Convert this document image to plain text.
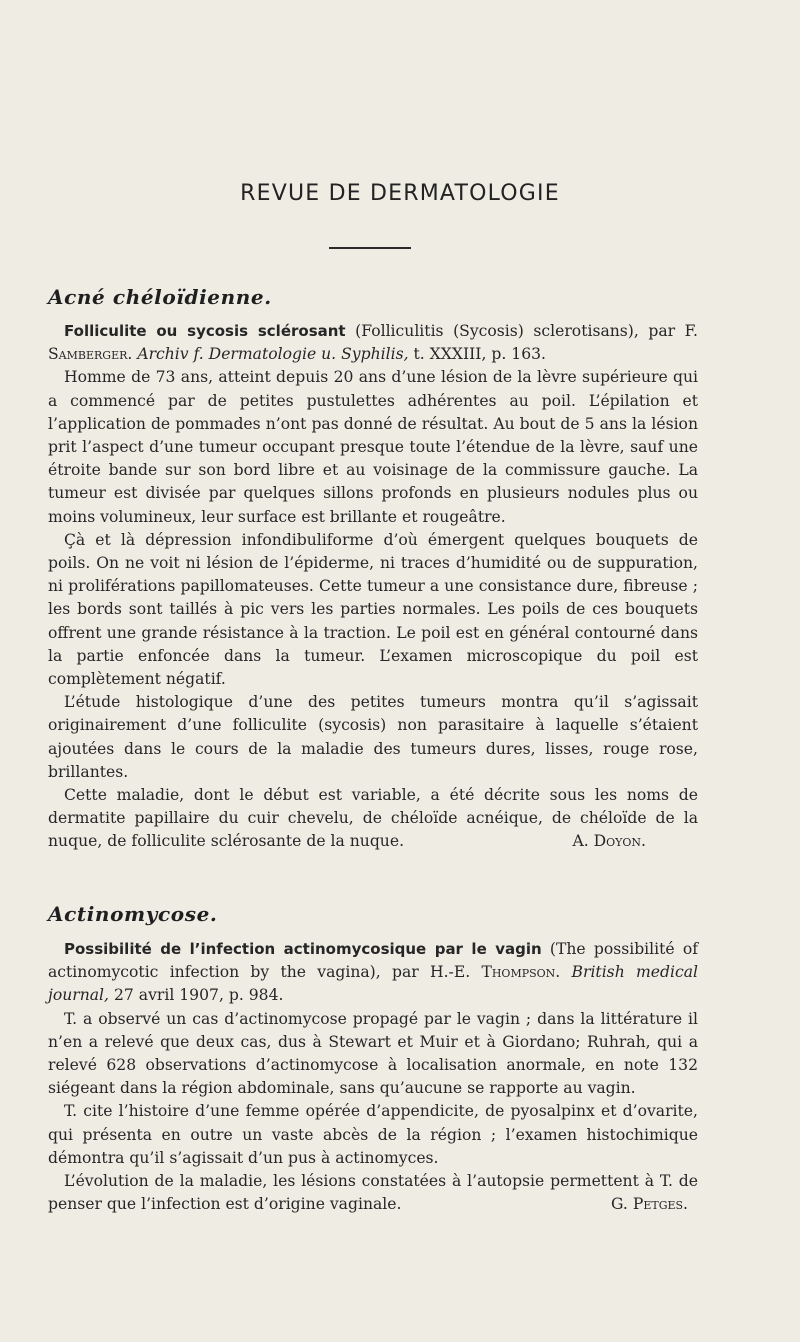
REVUE DE DERMATOLOGIE
Acné chéloïdienne.

Folliculite ou sycosis sclérosant (Folliculitis (Sycosis) sclerotisans), par F. Samberger. Archiv f. Dermatologie u. Syphilis, t. XXXIII, p. 163.

Homme de 73 ans, atteint depuis 20 ans d’une lésion de la lèvre supérieure qui a commencé par de petites pustulettes adhérentes au poil. L’épilation et l’application de pommades n’ont pas donné de résultat. Au bout de 5 ans la lésion prit l’aspect d’une tumeur occupant presque toute l’étendue de la lèvre, sauf une étroite bande sur son bord libre et au voisinage de la commissure gauche. La tumeur est divisée par quelques sillons profonds en plusieurs nodules plus ou moins volumineux, leur surface est brillante et rougeâtre.

Çà et là dépression infondibuliforme d’où émergent quelques bouquets de poils. On ne voit ni lésion de l’épiderme, ni traces d’humidité ou de suppuration, ni proliférations papillomateuses. Cette tumeur a une consistance dure, fibreuse ; les bords sont taillés à pic vers les parties normales. Les poils de ces bouquets offrent une grande résistance à la traction. Le poil est en général contourné dans la partie enfoncée dans la tumeur. L’examen microscopique du poil est complètement négatif.

L’étude histologique d’une des petites tumeurs montra qu’il s’agissait originairement d’une folliculite (sycosis) non parasitaire à laquelle s’étaient ajoutées dans le cours de la maladie des tumeurs dures, lisses, rouge rose, brillantes.

Cette maladie, dont le début est variable, a été décrite sous les noms de dermatite papillaire du cuir chevelu, de chéloïde acnéique, de chéloïde de la nuque, de folliculite sclérosante de la nuque.	A. Doyon.

Actinomycose.

Possibilité de l’infection actinomycosique par le vagin (The possibilité of actinomycotic infection by the vagina), par H.-E. Thompson. British medical journal, 27 avril 1907, p. 984.

T. a observé un cas d’actinomycose propagé par le vagin ; dans la littérature il n’en a relevé que deux cas, dus à Stewart et Muir et à Giordano; Ruhrah, qui a relevé 628 observations d’actinomycose à localisation anormale, en note 132 siégeant dans la région abdominale, sans qu’aucune se rapporte au vagin.

T. cite l’histoire d’une femme opérée d’appendicite, de pyosalpinx et d’ovarite, qui présenta en outre un vaste abcès de la région ; l’examen histochimique démontra qu’il s’agissait d’un pus à actinomyces.

L’évolution de la maladie, les lésions constatées à l’autopsie permettent à T. de penser que l’infection est d’origine vaginale.	G. Petges.
